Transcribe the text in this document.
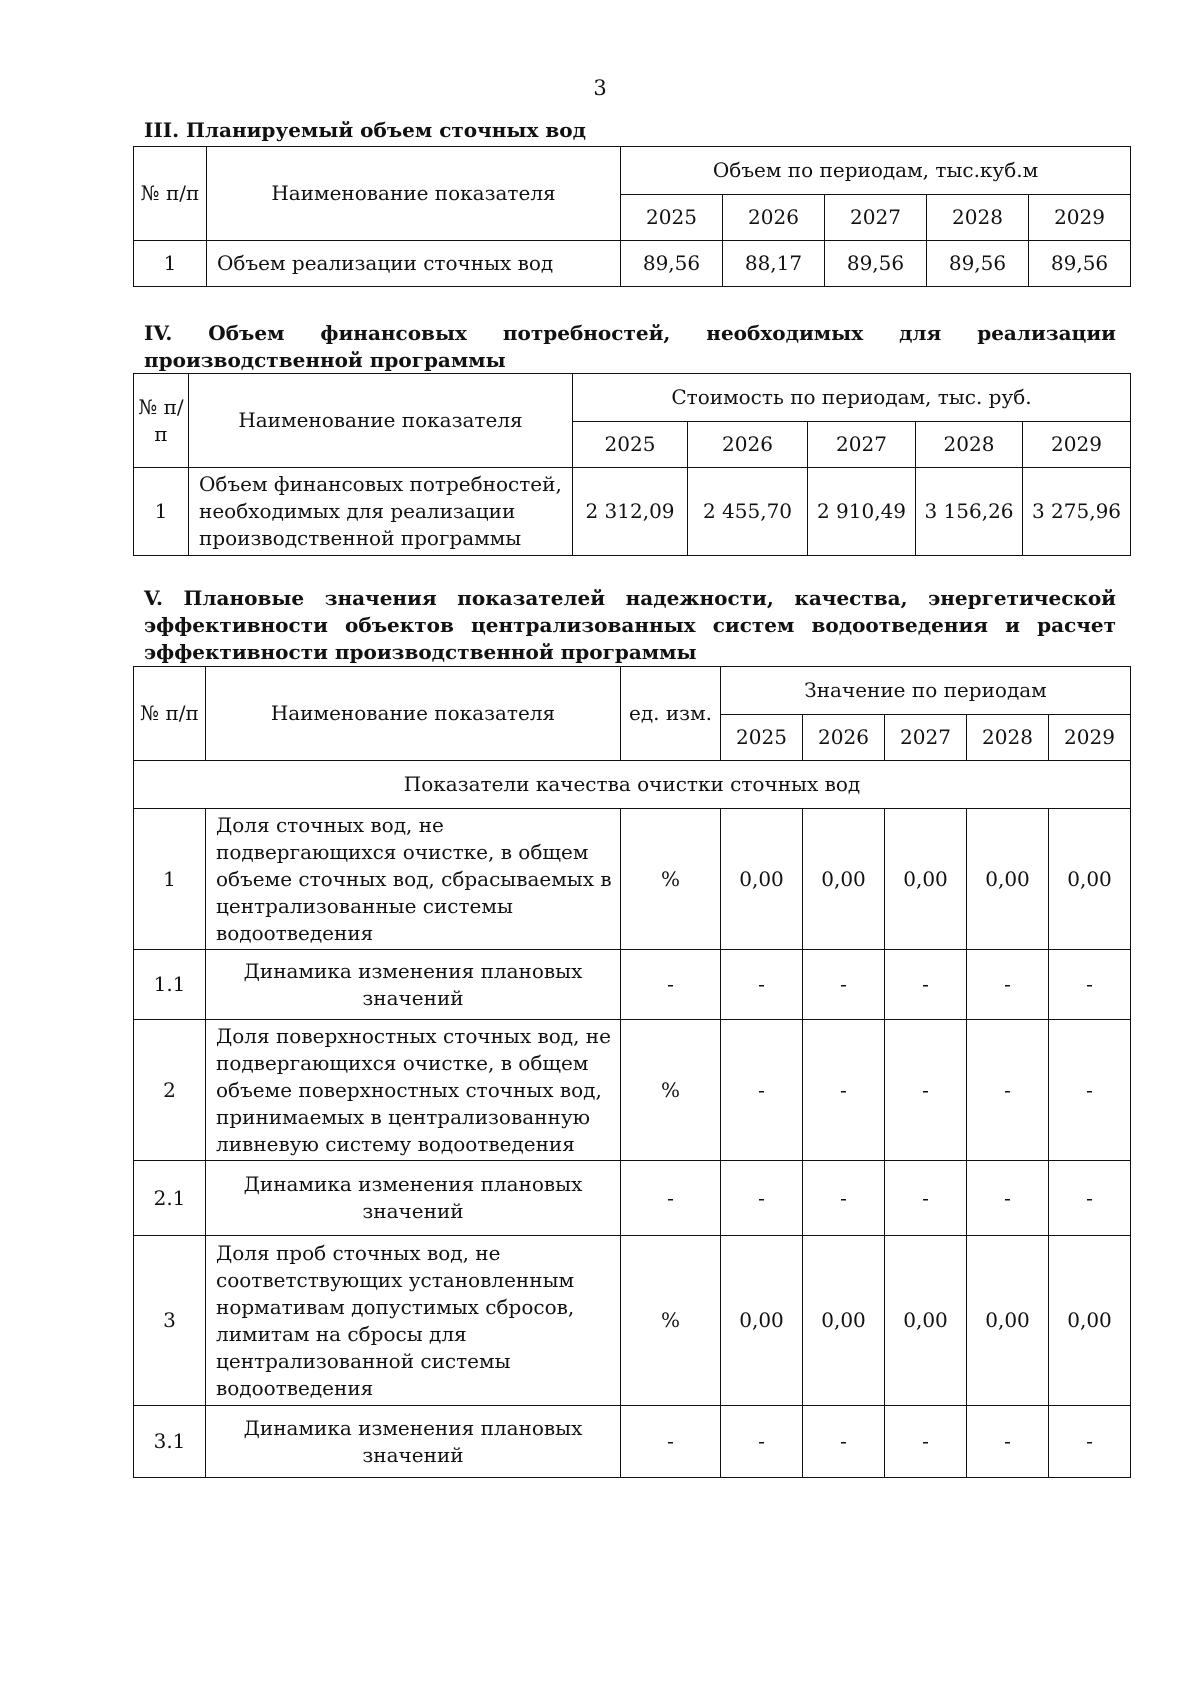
3
III. Планируемый объем сточных вод
№ п/п	Наименование показателя	Объем по периодам, тыс.куб.м				
		2025	2026	2027	2028	2029
1	Объем реализации сточных вод	89,56	88,17	89,56	89,56	89,56
IV. Объем финансовых потребностей, необходимых для реализации производственной программы
№ п/п	Наименование показателя	Стоимость по периодам, тыс. руб.				
		2025	2026	2027	2028	2029
1	Объем финансовых потребностей, необходимых для реализации производственной программы	2 312,09	2 455,70	2 910,49	3 156,26	3 275,96
V. Плановые значения показателей надежности, качества, энергетической эффективности объектов централизованных систем водоотведения и расчет эффективности производственной программы
№ п/п	Наименование показателя	ед. изм.	Значение по периодам				
			2025	2026	2027	2028	2029
Показатели качества очистки сточных вод							
1	Доля сточных вод, не подвергающихся очистке, в общем объеме сточных вод, сбрасываемых в централизованные системы водоотведения	%	0,00	0,00	0,00	0,00	0,00
1.1	Динамика изменения плановых значений	-	-	-	-	-	-
2	Доля поверхностных сточных вод, не подвергающихся очистке, в общем объеме поверхностных сточных вод, принимаемых в централизованную ливневую систему водоотведения	%	-	-	-	-	-
2.1	Динамика изменения плановых значений	-	-	-	-	-	-
3	Доля проб сточных вод, не соответствующих установленным нормативам допустимых сбросов, лимитам на сбросы для централизованной системы водоотведения	%	0,00	0,00	0,00	0,00	0,00
3.1	Динамика изменения плановых значений	-	-	-	-	-	-
